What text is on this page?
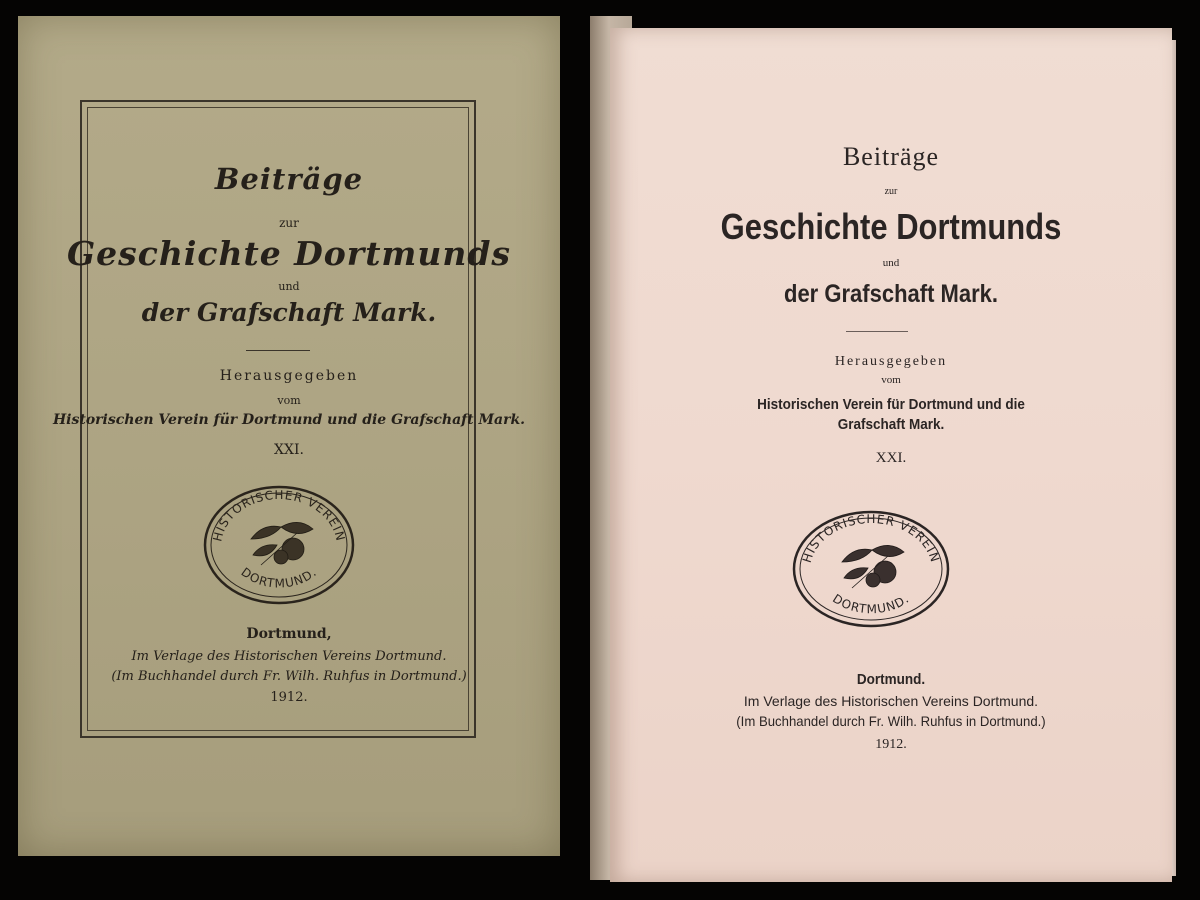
Beiträge
zur
Geschichte Dortmunds
und
der Grafschaft Mark.
Herausgegeben
vom
Historischen Verein für Dortmund und die Grafschaft Mark.
XXI.
HISTORISCHER VEREIN
DORTMUND.
Dortmund,
Im Verlage des Historischen Vereins Dortmund.
(Im Buchhandel durch Fr. Wilh. Ruhfus in Dortmund.)
1912.
Beiträge
zur
Geschichte Dortmunds
und
der Grafschaft Mark.
Herausgegeben
vom
Historischen Verein für Dortmund und die
Grafschaft Mark.
XXI.
HISTORISCHER VEREIN
DORTMUND.
Dortmund.
Im Verlage des Historischen Vereins Dortmund.
(Im Buchhandel durch Fr. Wilh. Ruhfus in Dortmund.)
1912.
